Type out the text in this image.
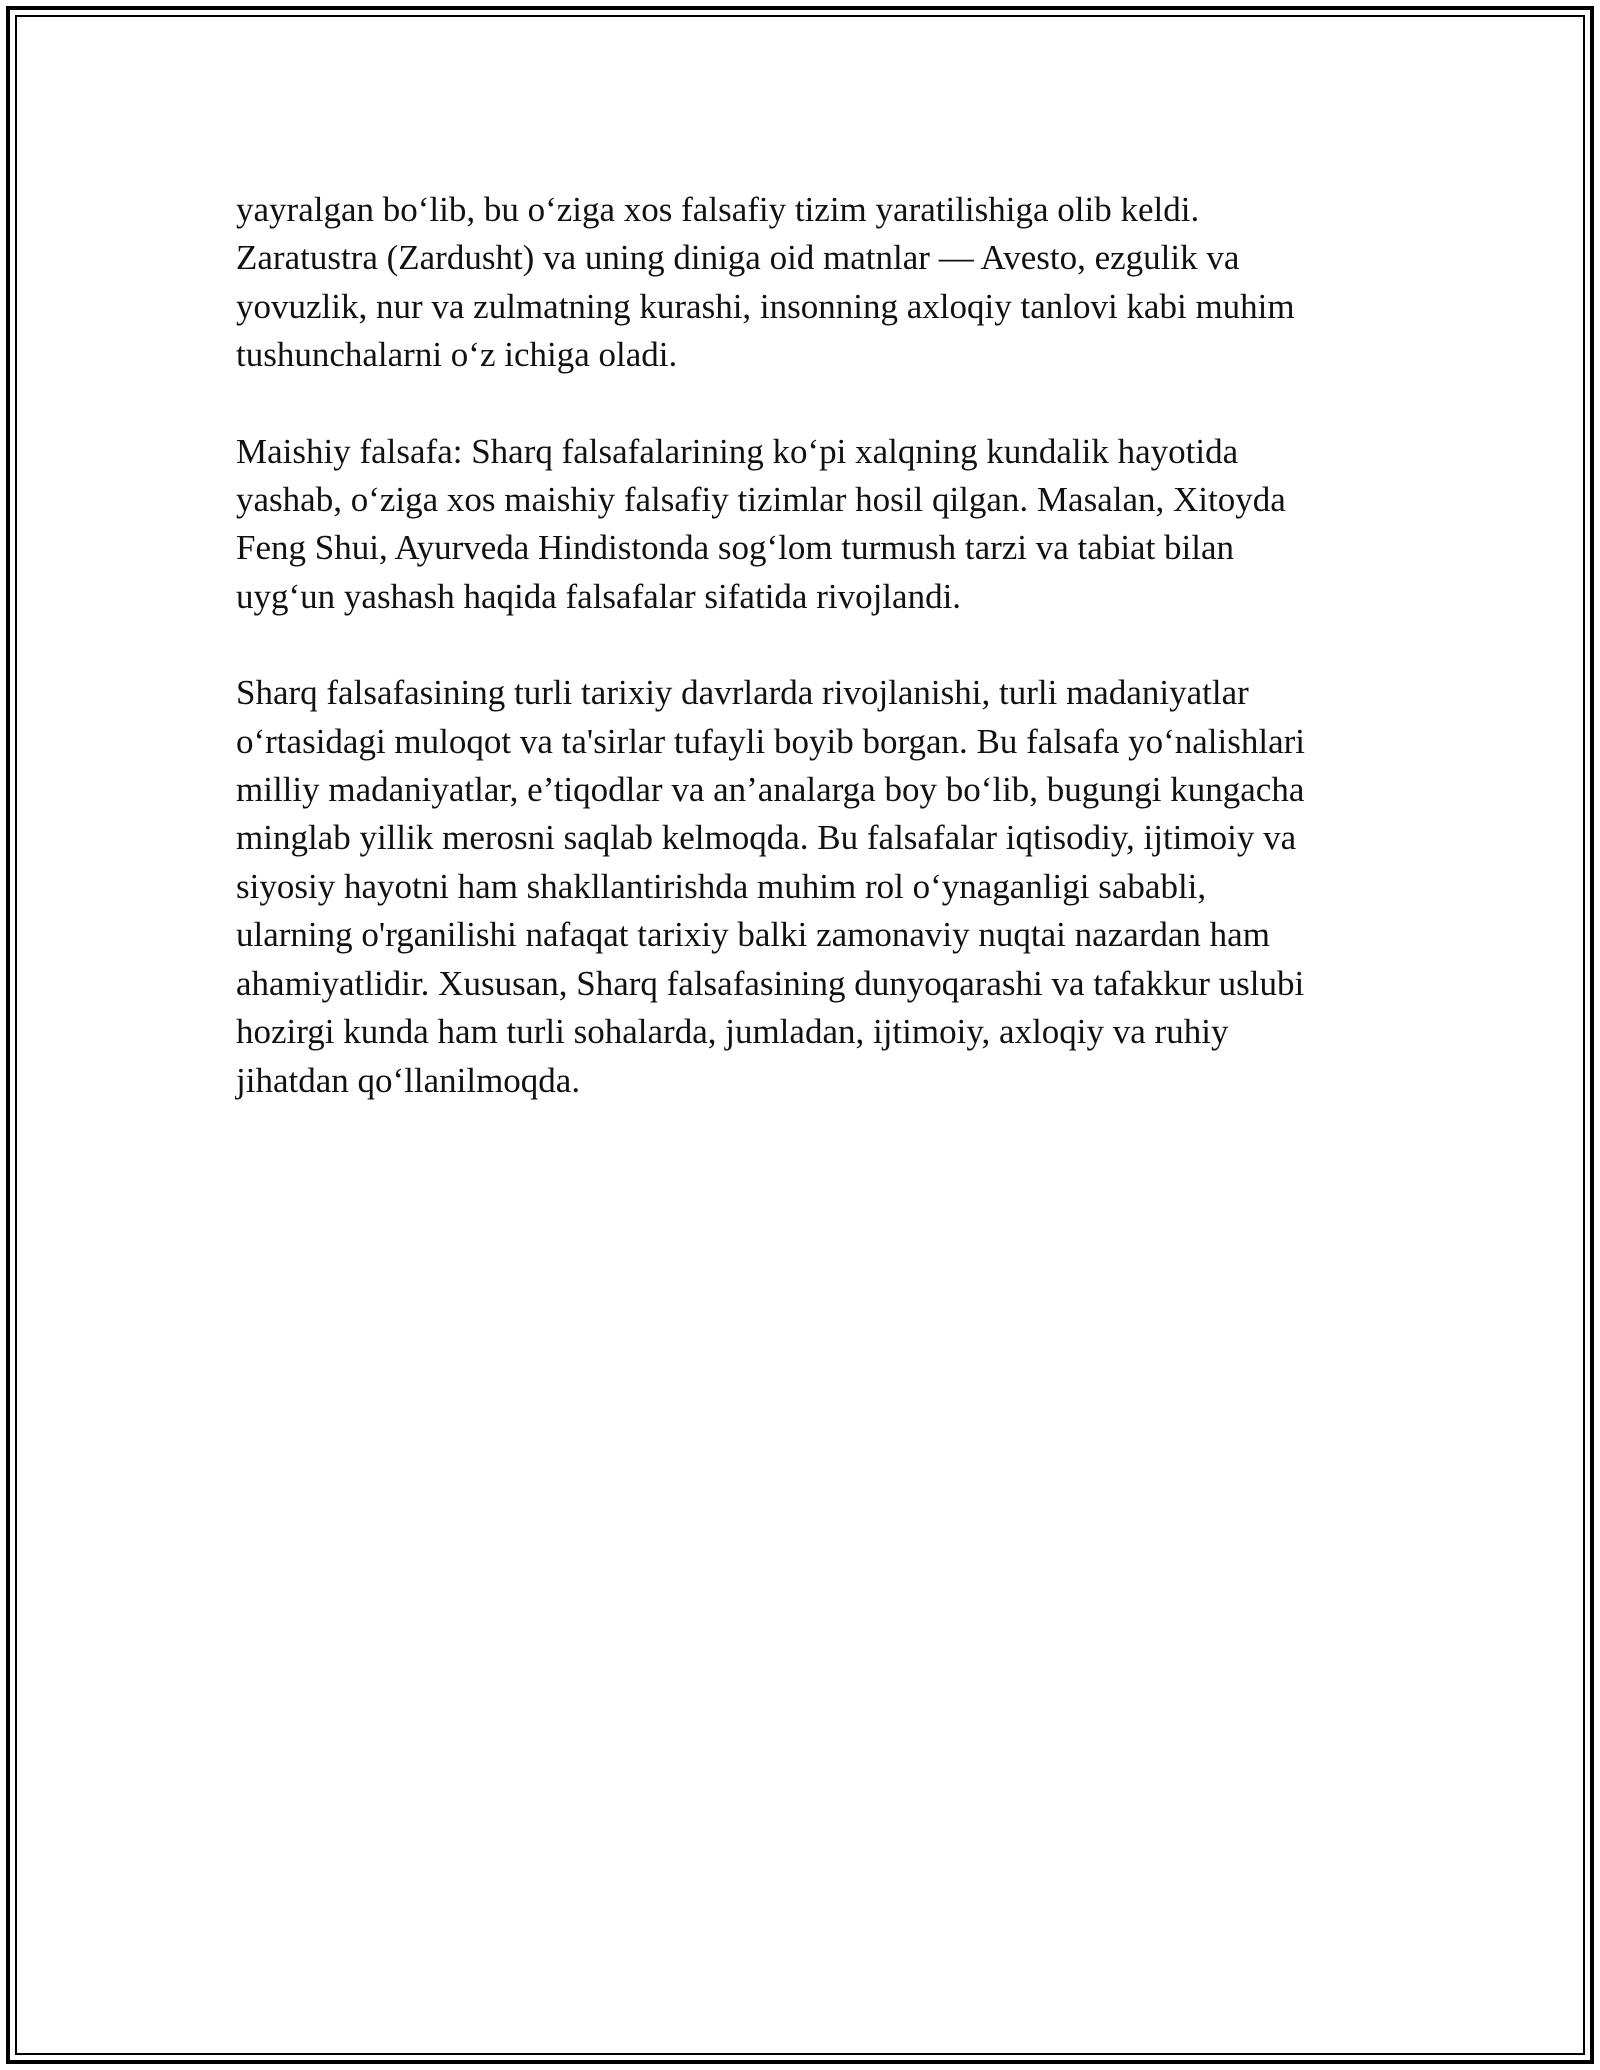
yayralgan bo‘lib, bu o‘ziga xos falsafiy tizim yaratilishiga olib keldi.
Zaratustra (Zardusht) va uning diniga oid matnlar — Avesto, ezgulik va
yovuzlik, nur va zulmatning kurashi, insonning axloqiy tanlovi kabi muhim
tushunchalarni o‘z ichiga oladi.
Maishiy falsafa: Sharq falsafalarining ko‘pi xalqning kundalik hayotida
yashab, o‘ziga xos maishiy falsafiy tizimlar hosil qilgan. Masalan, Xitoyda
Feng Shui, Ayurveda Hindistonda sog‘lom turmush tarzi va tabiat bilan
uyg‘un yashash haqida falsafalar sifatida rivojlandi.
Sharq falsafasining turli tarixiy davrlarda rivojlanishi, turli madaniyatlar
o‘rtasidagi muloqot va ta'sirlar tufayli boyib borgan. Bu falsafa yo‘nalishlari
milliy madaniyatlar, e’tiqodlar va an’analarga boy bo‘lib, bugungi kungacha
minglab yillik merosni saqlab kelmoqda. Bu falsafalar iqtisodiy, ijtimoiy va
siyosiy hayotni ham shakllantirishda muhim rol o‘ynaganligi sababli,
ularning o'rganilishi nafaqat tarixiy balki zamonaviy nuqtai nazardan ham
ahamiyatlidir. Xususan, Sharq falsafasining dunyoqarashi va tafakkur uslubi
hozirgi kunda ham turli sohalarda, jumladan, ijtimoiy, axloqiy va ruhiy
jihatdan qo‘llanilmoqda.
